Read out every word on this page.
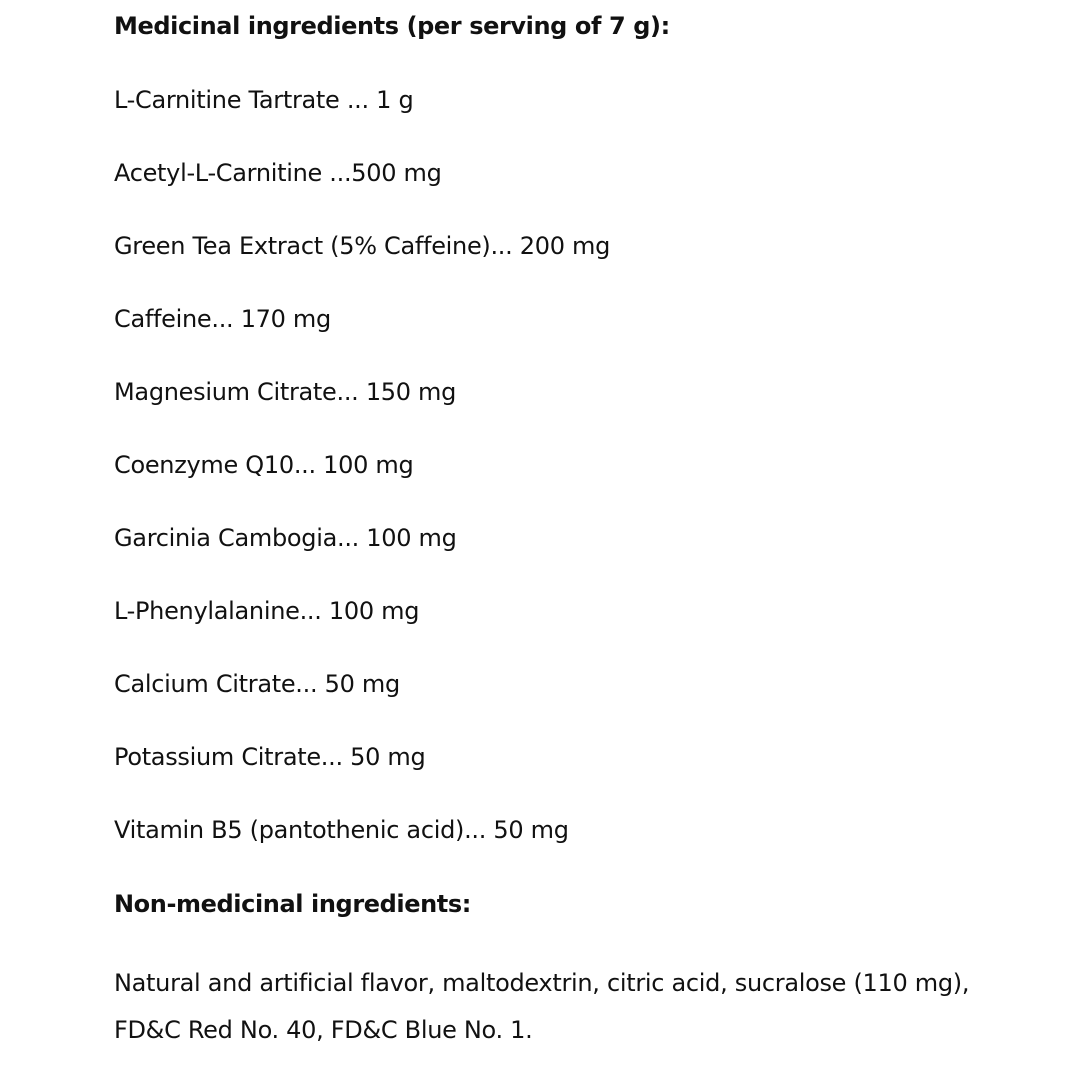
Medicinal ingredients (per serving of 7 g):
L-Carnitine Tartrate ... 1 g
Acetyl-L-Carnitine ...500 mg
Green Tea Extract (5% Caffeine)... 200 mg
Caffeine... 170 mg
Magnesium Citrate... 150 mg
Coenzyme Q10... 100 mg
Garcinia Cambogia... 100 mg
L-Phenylalanine... 100 mg
Calcium Citrate... 50 mg
Potassium Citrate... 50 mg
Vitamin B5 (pantothenic acid)... 50 mg
Non-medicinal ingredients:

Natural and artificial flavor, maltodextrin, citric acid, sucralose (110 mg), FD&C Red No. 40, FD&C Blue No. 1.
